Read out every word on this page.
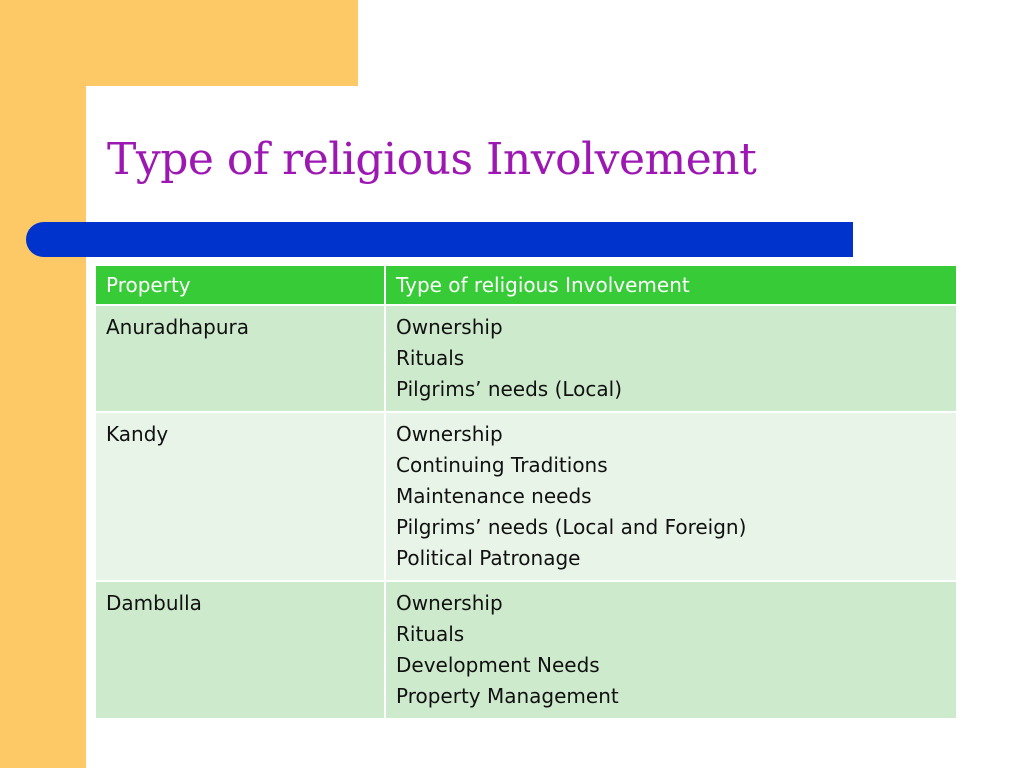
Type of religious Involvement
Property	Type of religious Involvement
Anuradhapura	Ownership
Rituals
Pilgrims’ needs (Local)

Kandy	Ownership
Continuing Traditions
Maintenance needs
Pilgrims’ needs (Local and Foreign)
Political Patronage

Dambulla	Ownership
Rituals
Development Needs
Property Management
